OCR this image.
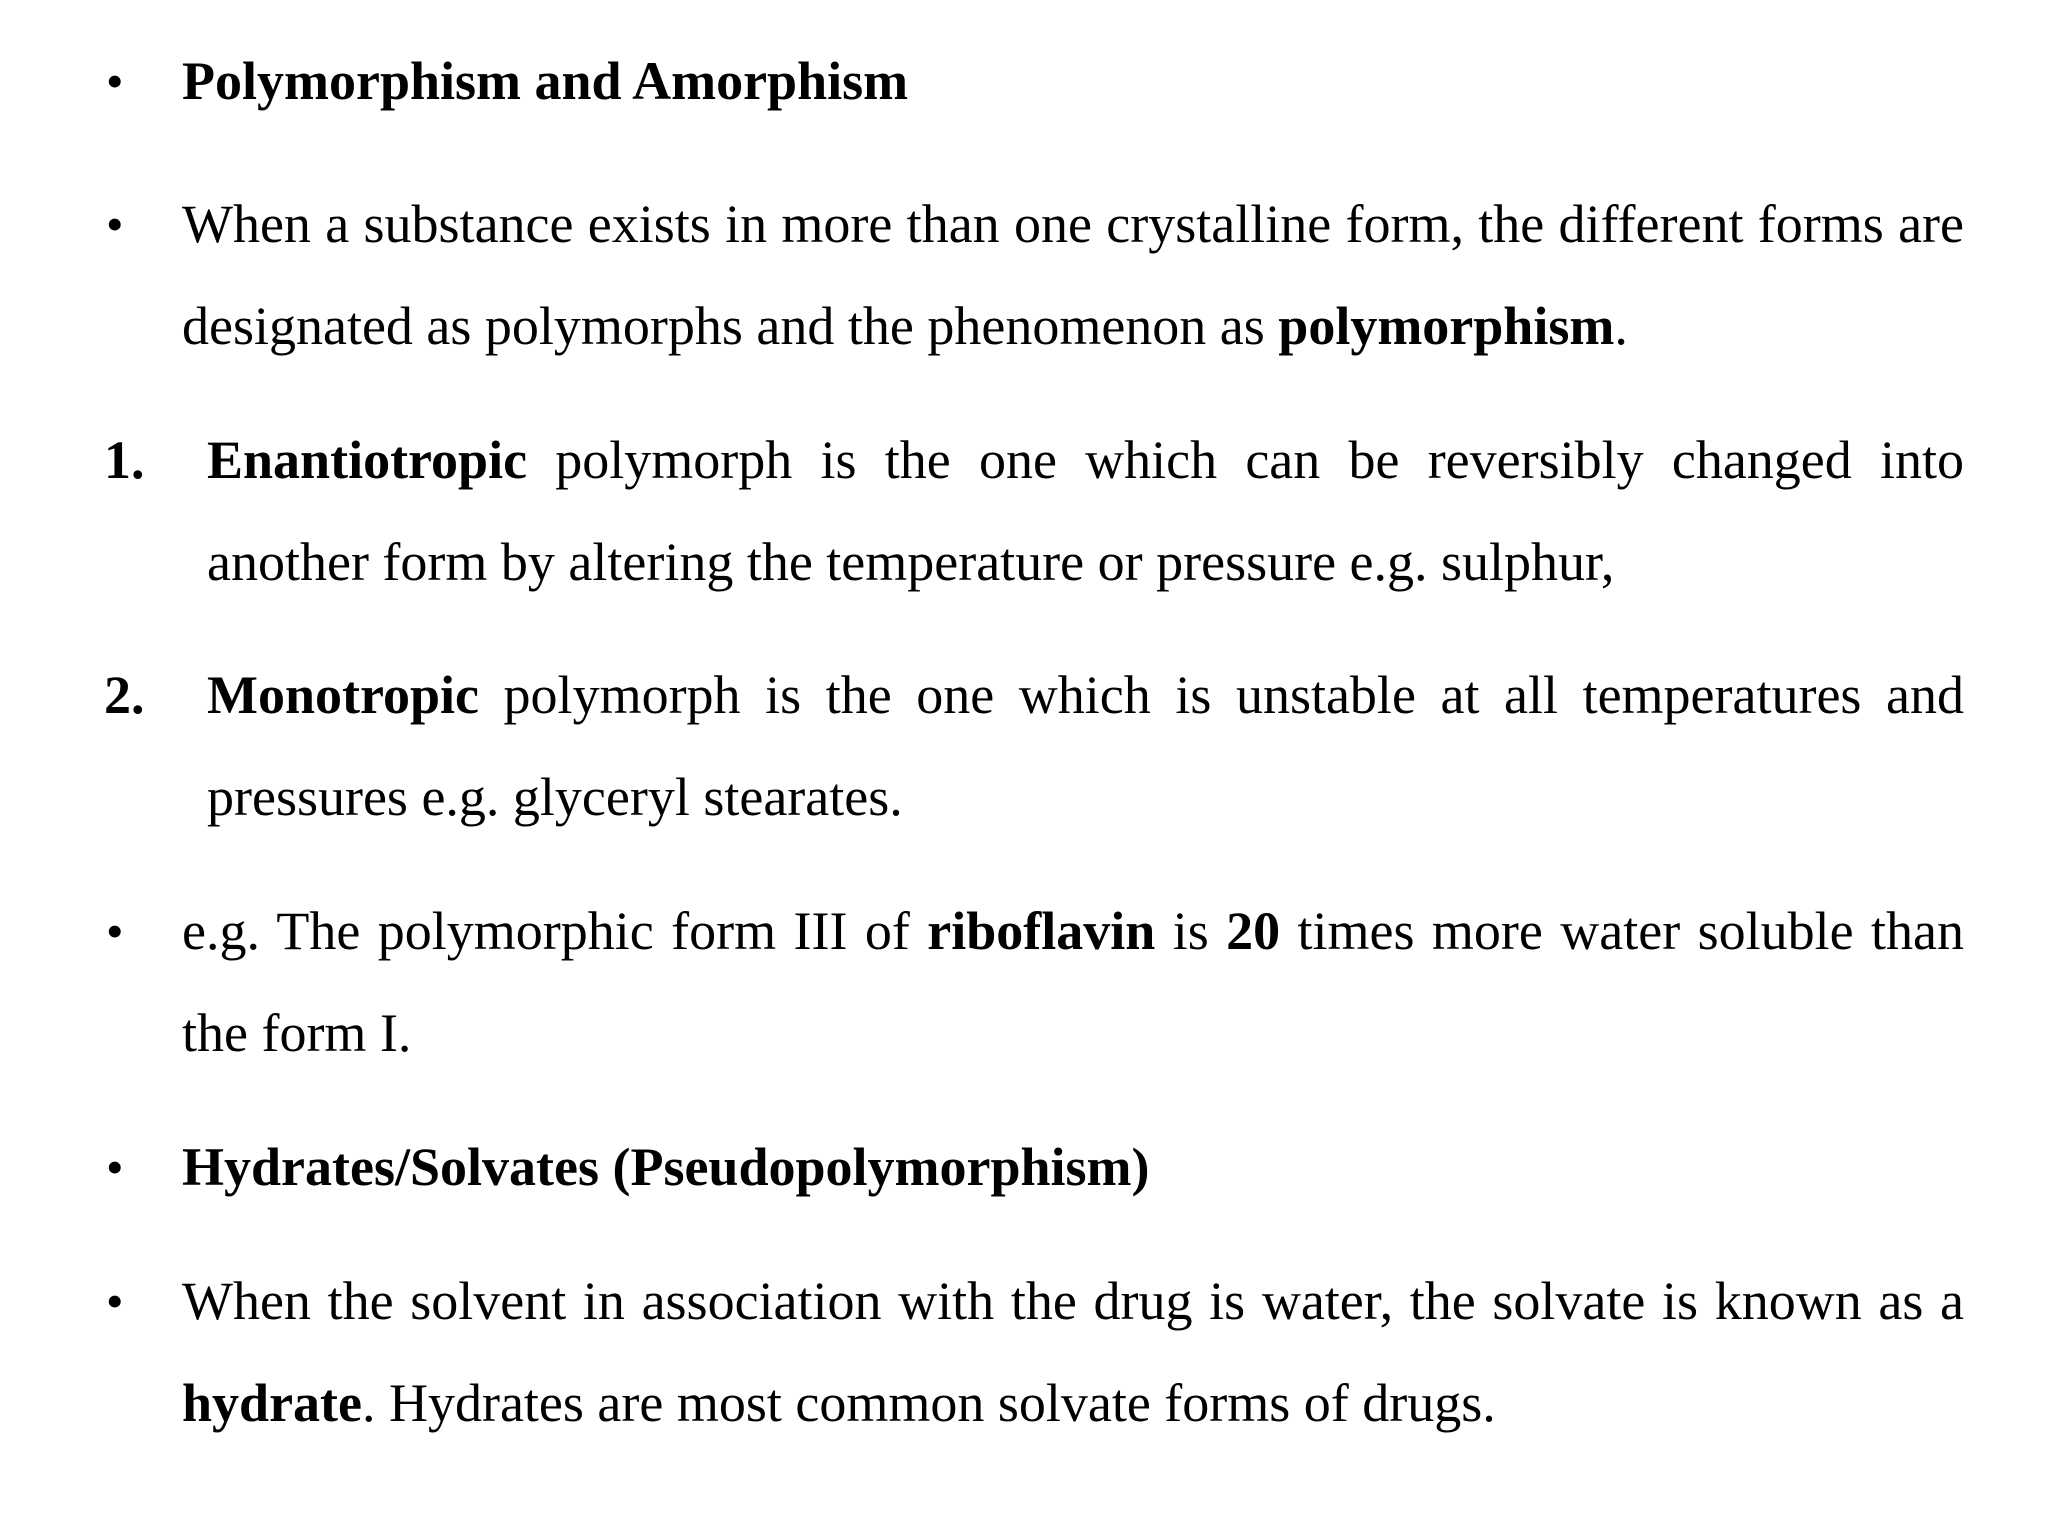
• Polymorphism and Amorphism
• When a substance exists in more than one crystalline form, the different forms are designated as polymorphs and the phenomenon as polymorphism.
1. Enantiotropic polymorph is the one which can be reversibly changed into another form by altering the temperature or pressure e.g. sulphur,
2. Monotropic polymorph is the one which is unstable at all temperatures and pressures e.g. glyceryl stearates.
• e.g. The polymorphic form III of riboflavin is 20 times more water soluble than the form I.
• Hydrates/Solvates (Pseudopolymorphism)
• When the solvent in association with the drug is water, the solvate is known as a hydrate. Hydrates are most common solvate forms of drugs.
